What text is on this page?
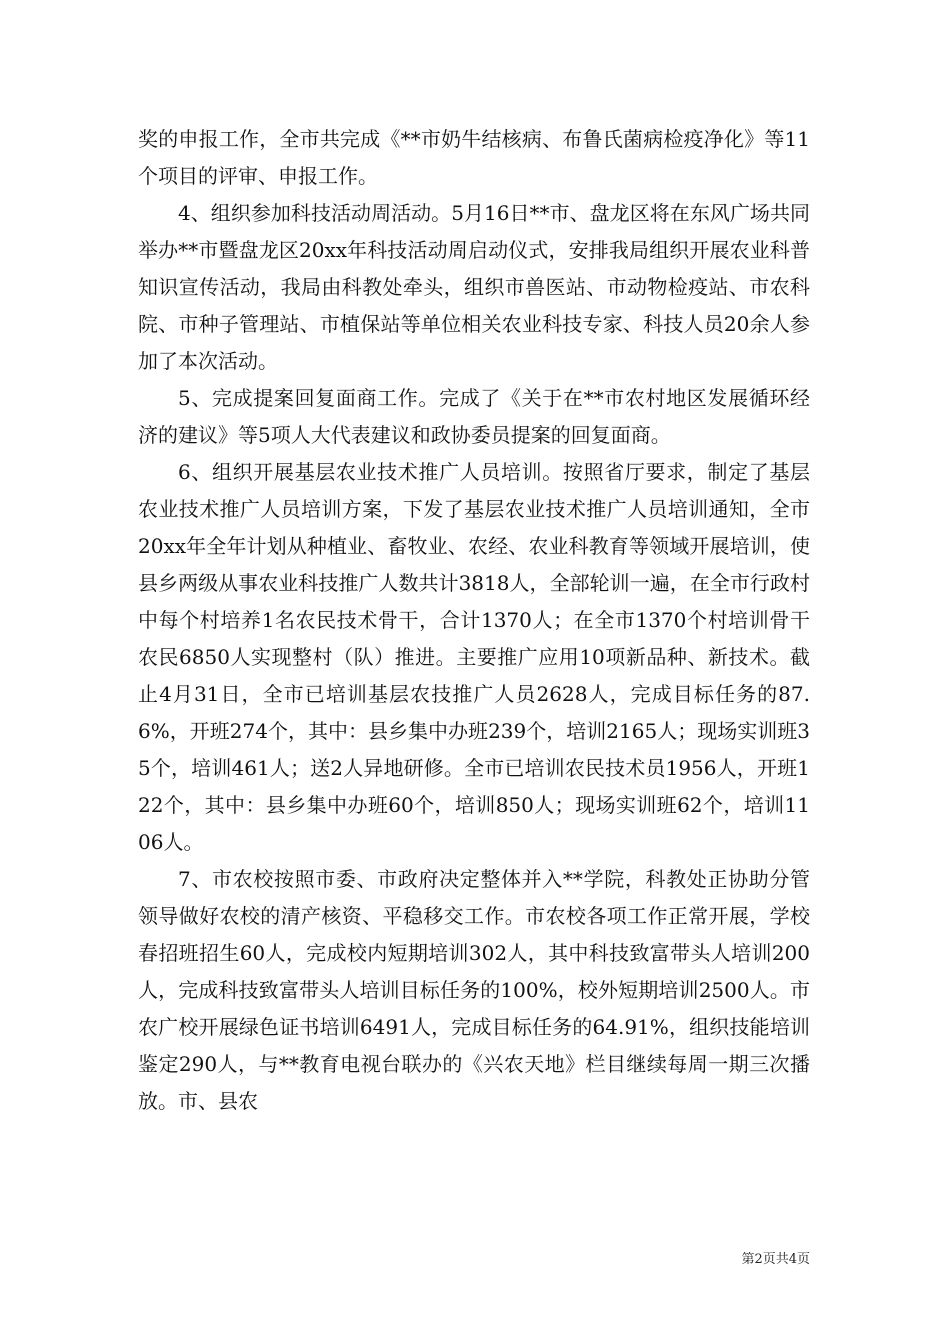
奖的申报工作，全市共完成《**市奶牛结核病、布鲁氏菌病检疫净化》等11个项目的评审、申报工作。

4、组织参加科技活动周活动。5月16日**市、盘龙区将在东风广场共同举办**市暨盘龙区20xx年科技活动周启动仪式，安排我局组织开展农业科普知识宣传活动，我局由科教处牵头，组织市兽医站、市动物检疫站、市农科院、市种子管理站、市植保站等单位相关农业科技专家、科技人员20余人参加了本次活动。

5、完成提案回复面商工作。完成了《关于在**市农村地区发展循环经济的建议》等5项人大代表建议和政协委员提案的回复面商。

6、组织开展基层农业技术推广人员培训。按照省厅要求，制定了基层农业技术推广人员培训方案，下发了基层农业技术推广人员培训通知，全市20xx年全年计划从种植业、畜牧业、农经、农业科教育等领域开展培训，使县乡两级从事农业科技推广人数共计3818人，全部轮训一遍，在全市行政村中每个村培养1名农民技术骨干，合计1370人；在全市1370个村培训骨干农民6850人实现整村（队）推进。主要推广应用10项新品种、新技术。截止4月31日，全市已培训基层农技推广人员2628人，完成目标任务的87.6%，开班274个，其中：县乡集中办班239个，培训2165人；现场实训班35个，培训461人；送2人异地研修。全市已培训农民技术员1956人，开班122个，其中：县乡集中办班60个，培训850人；现场实训班62个，培训1106人。

7、市农校按照市委、市政府决定整体并入**学院，科教处正协助分管领导做好农校的清产核资、平稳移交工作。市农校各项工作正常开展，学校春招班招生60人，完成校内短期培训302人，其中科技致富带头人培训200人，完成科技致富带头人培训目标任务的100%，校外短期培训2500人。市农广校开展绿色证书培训6491人，完成目标任务的64.91%，组织技能培训鉴定290人，与**教育电视台联办的《兴农天地》栏目继续每周一期三次播放。市、县农

第2页共4页
